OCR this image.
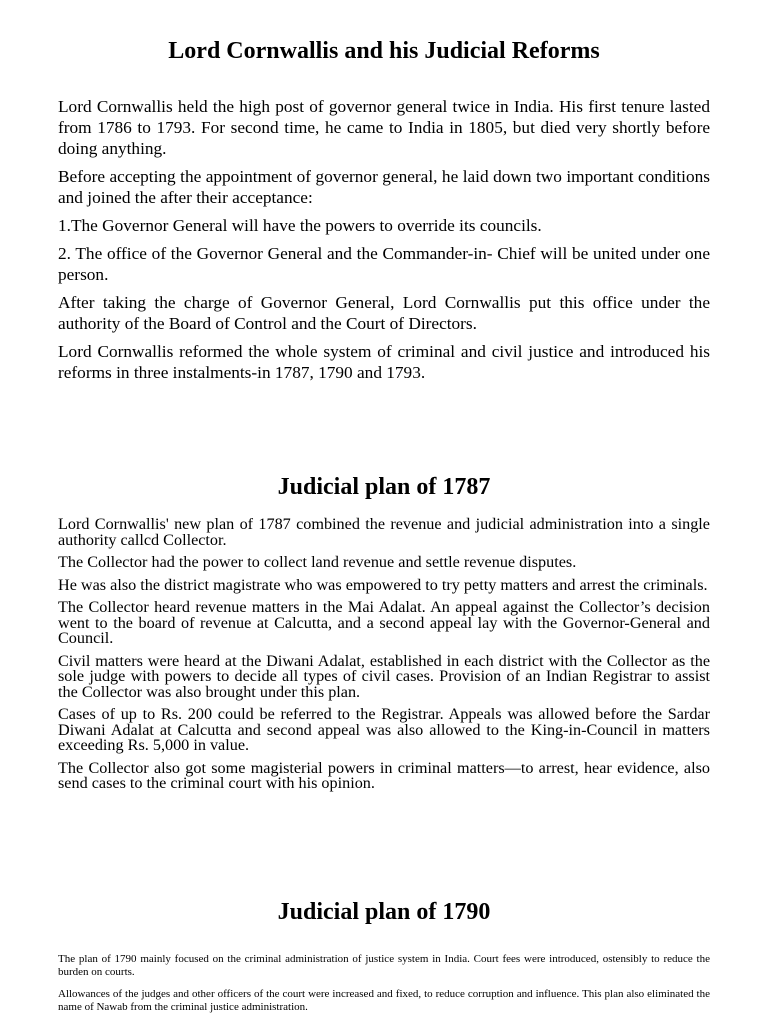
Lord Cornwallis and his Judicial Reforms

Lord Cornwallis held the high post of governor general twice in India. His first tenure lasted from 1786 to 1793. For second time, he came to India in 1805, but died very shortly before doing anything.

Before accepting the appointment of governor general, he laid down two important conditions and joined the after their acceptance:

1.The Governor General will have the powers to override its councils.

2. The office of the Governor General and the Commander-in- Chief will be united under one person.

After taking the charge of Governor General, Lord Cornwallis put this office under the authority of the Board of Control and the Court of Directors.

Lord Cornwallis reformed the whole system of criminal and civil justice and introduced his reforms in three instalments-in 1787, 1790 and 1793.

Judicial plan of 1787

Lord Cornwallis' new plan of 1787 combined the revenue and judicial administration into a single authority callcd Collector.

The Collector had the power to collect land revenue and settle revenue disputes.

He was also the district magistrate who was empowered to try petty matters and arrest the criminals.

The Collector heard revenue matters in the Mai Adalat. An appeal against the Collector’s decision went to the board of revenue at Calcutta, and a second appeal lay with the Governor-General and Council.

Civil matters were heard at the Diwani Adalat, established in each district with the Collector as the sole judge with powers to decide all types of civil cases. Provision of an Indian Registrar to assist the Collector was also brought under this plan.

Cases of up to Rs. 200 could be referred to the Registrar. Appeals was allowed before the Sardar Diwani Adalat at Calcutta and second appeal was also allowed to the King-in-Council in matters exceeding Rs. 5,000 in value.

The Collector also got some magisterial powers in criminal matters—to arrest, hear evidence, also send cases to the criminal court with his opinion.

Judicial plan of 1790

The plan of 1790 mainly focused on the criminal administration of justice system in India. Court fees were introduced, ostensibly to reduce the burden on courts.

Allowances of the judges and other officers of the court were increased and fixed, to reduce corruption and influence. This plan also eliminated the name of Nawab from the criminal justice administration.
